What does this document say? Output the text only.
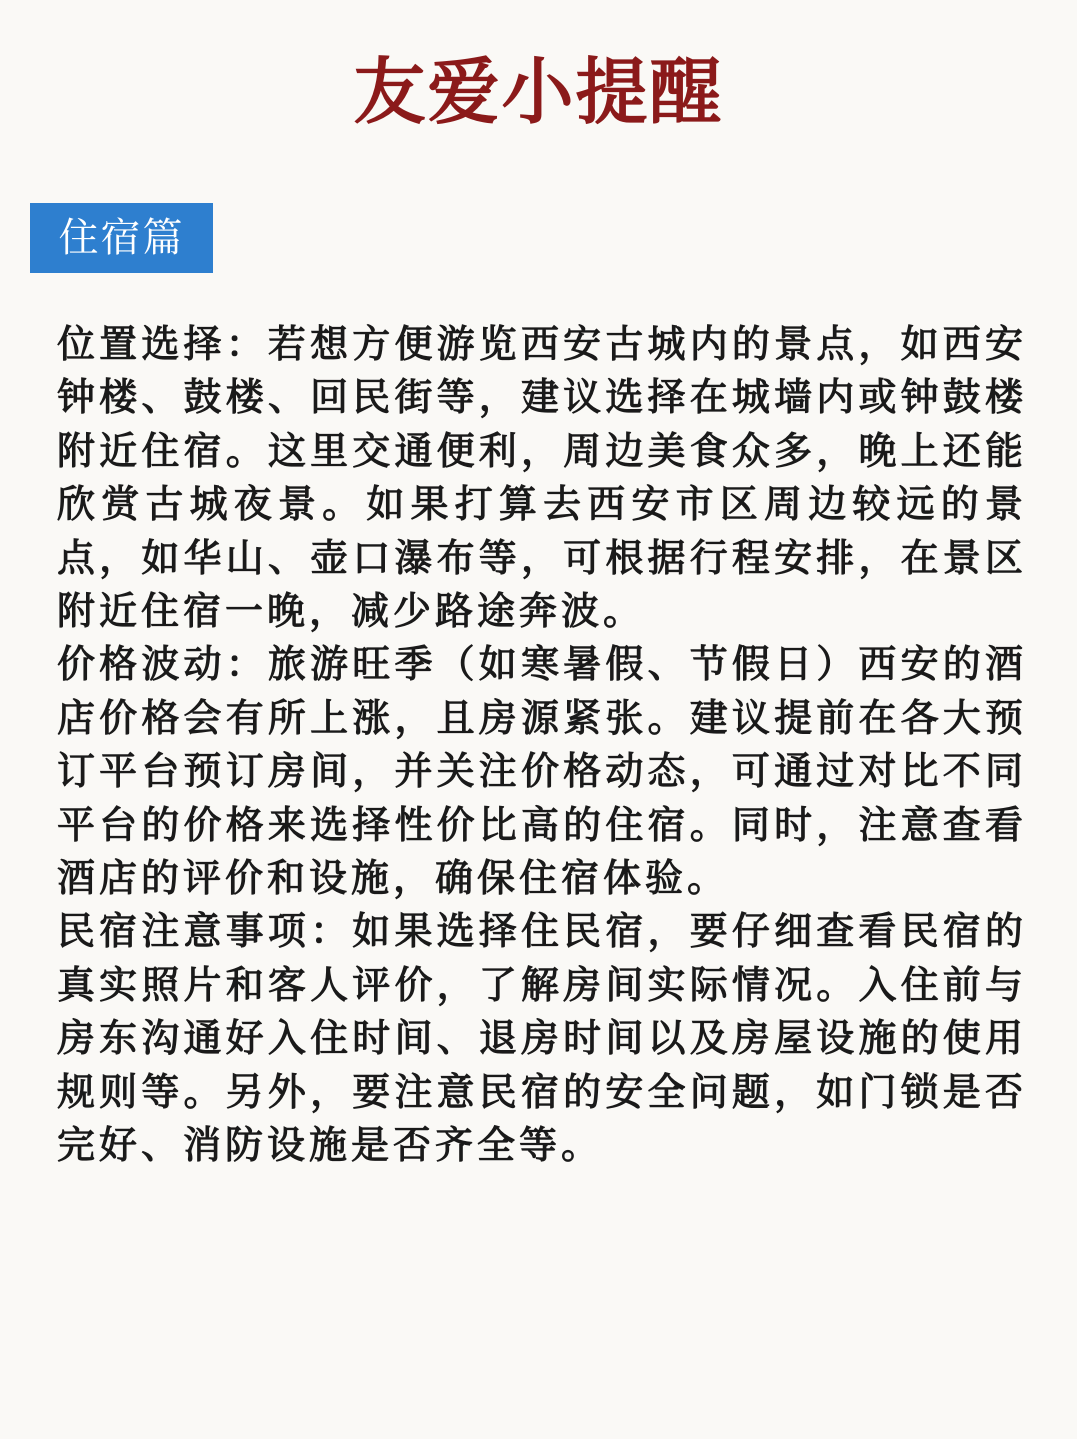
友爱小提醒
住宿篇

位置选择：若想方便游览西安古城内的景点，如西安钟楼、鼓楼、回民街等，建议选择在城墙内或钟鼓楼附近住宿。这里交通便利，周边美食众多，晚上还能欣赏古城夜景。如果打算去西安市区周边较远的景点，如华山、壶口瀑布等，可根据行程安排，在景区附近住宿一晚，减少路途奔波。

价格波动：旅游旺季（如寒暑假、节假日）西安的酒店价格会有所上涨，且房源紧张。建议提前在各大预订平台预订房间，并关注价格动态，可通过对比不同平台的价格来选择性价比高的住宿。同时，注意查看酒店的评价和设施，确保住宿体验。

民宿注意事项：如果选择住民宿，要仔细查看民宿的真实照片和客人评价，了解房间实际情况。入住前与房东沟通好入住时间、退房时间以及房屋设施的使用规则等。另外，要注意民宿的安全问题，如门锁是否完好、消防设施是否齐全等。
